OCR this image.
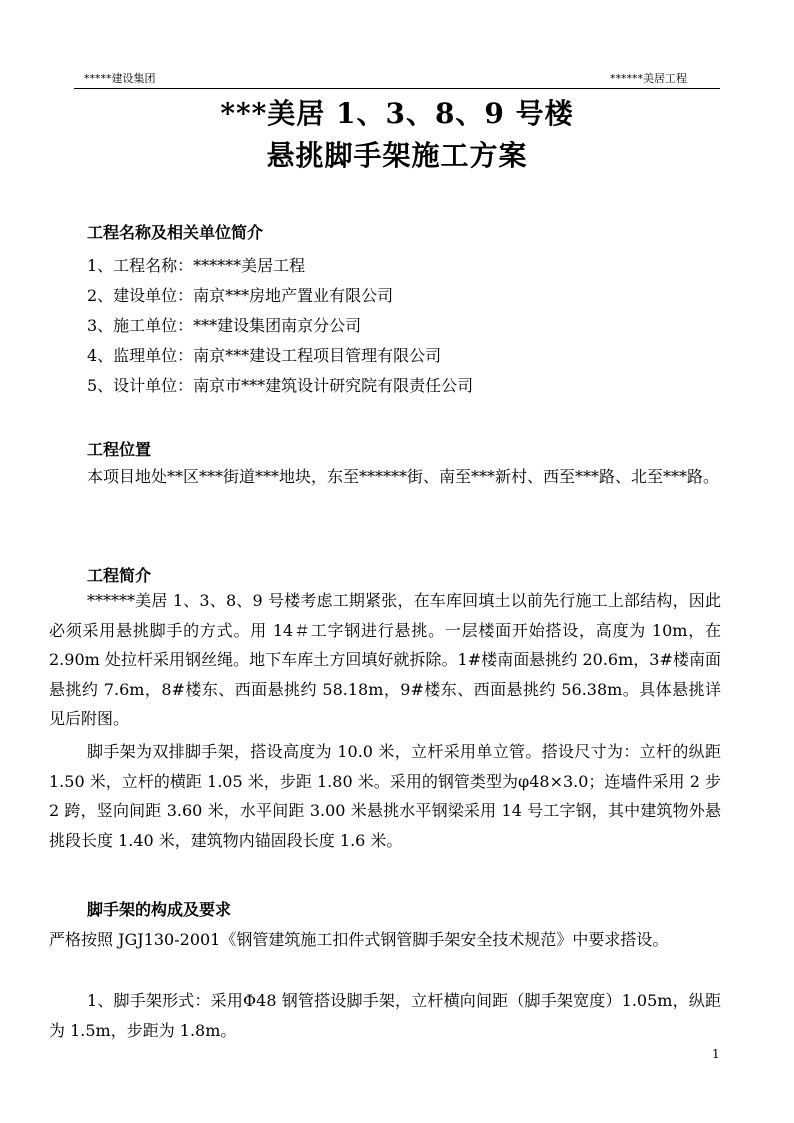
*****建设集团	******美居工程
***美居 1、3、8、9 号楼
悬挑脚手架施工方案
工程名称及相关单位简介
1、工程名称：******美居工程
2、建设单位：南京***房地产置业有限公司
3、施工单位：***建设集团南京分公司
4、监理单位：南京***建设工程项目管理有限公司
5、设计单位：南京市***建筑设计研究院有限责任公司
工程位置
本项目地处**区***街道***地块，东至******街、南至***新村、西至***路、北至***路。
工程简介
******美居 1、3、8、9 号楼考虑工期紧张，在车库回填土以前先行施工上部结构，因此必须采用悬挑脚手的方式。用 14＃工字钢进行悬挑。一层楼面开始搭设，高度为 10m，在 2.90m 处拉杆采用钢丝绳。地下车库土方回填好就拆除。1#楼南面悬挑约 20.6m，3#楼南面悬挑约 7.6m，8#楼东、西面悬挑约 58.18m，9#楼东、西面悬挑约 56.38m。具体悬挑详见后附图。
脚手架为双排脚手架，搭设高度为 10.0 米，立杆采用单立管。搭设尺寸为：立杆的纵距 1.50 米，立杆的横距 1.05 米，步距 1.80 米。采用的钢管类型为φ48×3.0；连墙件采用 2 步 2 跨，竖向间距 3.60 米，水平间距 3.00 米悬挑水平钢梁采用 14 号工字钢，其中建筑物外悬挑段长度 1.40 米，建筑物内锚固段长度 1.6 米。
脚手架的构成及要求
严格按照 JGJ130-2001《钢管建筑施工扣件式钢管脚手架安全技术规范》中要求搭设。
1、脚手架形式：采用Φ48 钢管搭设脚手架，立杆横向间距（脚手架宽度）1.05m，纵距为 1.5m，步距为 1.8m。
1
